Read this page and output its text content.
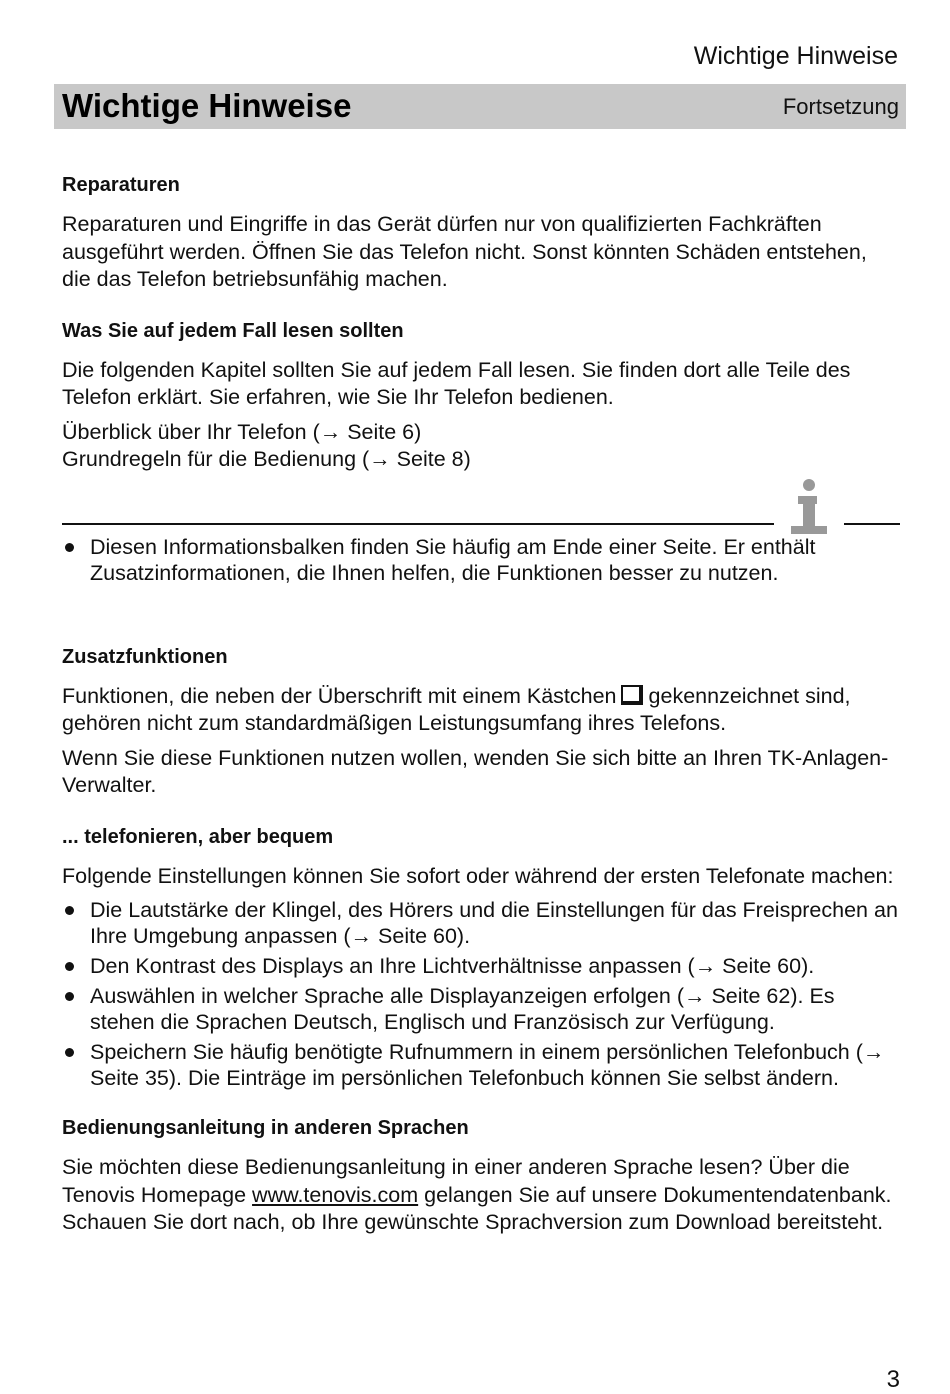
Wichtige Hinweise
Wichtige Hinweise	Fortsetzung
Reparaturen

Reparaturen und Eingriffe in das Gerät dürfen nur von qualifizierten Fachkräften ausgeführt werden. Öffnen Sie das Telefon nicht. Sonst könnten Schäden entstehen, die das Telefon betriebsunfähig machen.

Was Sie auf jedem Fall lesen sollten

Die folgenden Kapitel sollten Sie auf jedem Fall lesen. Sie finden dort alle Teile des Telefon erklärt. Sie erfahren, wie Sie Ihr Telefon bedienen.

Überblick über Ihr Telefon (→ Seite 6)

Grundregeln für die Bedienung (→ Seite 8)

Diesen Informationsbalken finden Sie häufig am Ende einer Seite. Er enthält Zusatzinformationen, die Ihnen helfen, die Funktionen besser zu nutzen.
Zusatzfunktionen

Funktionen, die neben der Überschrift mit einem Kästchen gekennzeichnet sind, gehören nicht zum standardmäßigen Leistungsumfang ihres Telefons.

Wenn Sie diese Funktionen nutzen wollen, wenden Sie sich bitte an Ihren TK-Anlagen-Verwalter.

... telefonieren, aber bequem

Folgende Einstellungen können Sie sofort oder während der ersten Telefonate machen:

Die Lautstärke der Klingel, des Hörers und die Einstellungen für das Freisprechen an Ihre Umgebung anpassen (→ Seite 60).
Den Kontrast des Displays an Ihre Lichtverhältnisse anpassen (→ Seite 60).
Auswählen in welcher Sprache alle Displayanzeigen erfolgen (→ Seite 62). Es stehen die Sprachen Deutsch, Englisch und Französisch zur Verfügung.
Speichern Sie häufig benötigte Rufnummern in einem persönlichen Telefonbuch (→ Seite 35). Die Einträge im persönlichen Telefonbuch können Sie selbst ändern.
Bedienungsanleitung in anderen Sprachen

Sie möchten diese Bedienungsanleitung in einer anderen Sprache lesen? Über die Tenovis Homepage www.tenovis.com gelangen Sie auf unsere Dokumentendatenbank. Schauen Sie dort nach, ob Ihre gewünschte Sprachversion zum Download bereitsteht.

3
